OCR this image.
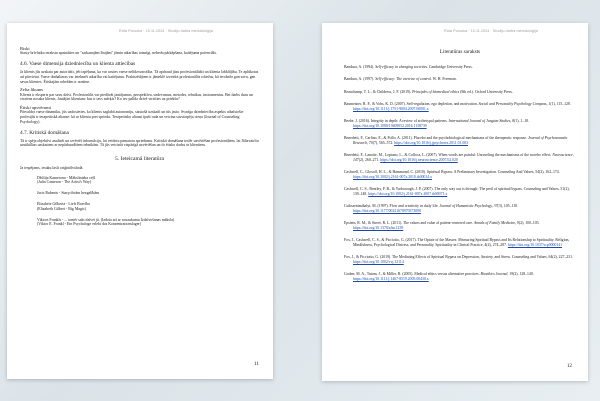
Rūta Poruoka · 15.11.2024 · Studiju darba metodoloģija

Riski

Stasty brīvlaiku ierakstu apzināties un "sarkanajām līnijām" jāmin atkarības taisnīgi, nebedu pārkāpšana, kaitējuma potenciāls.

4.6. Vaese dimensija dziedniecība un klienta attiecības

Ja klients jūs uzskata par autoritāti, jeb izpēļama, ka var rasties vaese nelīdzsvarotība. Tā apdraud jūsu profesionālitāti un klienta labklājību. Te aplūkotas arī pārvietai. Vaese dinhaliaras var ietekmēt atkarību vai kaitējumu. Praktizētājiem ir jāmeklē izveidot profesionālās robežas, kā ierobežo gan savu, gan savas klientes. Ētiskajām robežām ir nozīme.

Zelta likums

Klients ir eksperts par savu dzīvi. Profesionālis var piedāvāt jautājumus, perspektīvu, uzdevumus, metodes, tehnikas, instrumentus. Bet darbs duru un virziens nosaka klients. Jautājiet klientam: kas ir tavs mērķis? Ko tev palīdz dzīvē virzīties uz priekšu?

Ētiski apsvērumi

Pārvaldot vaese dinamiku, jūs uzdosieties, ka klients saglabā autonomiju, saistošā uzskatīt un tūs jasto. Svarīga dziedniecība aspekts atbalstošie profesijās ir terapeitiskā alianse: kā ar klientu pret spriedu. Terapeitisko aliansi īpaši rada un veicina savstarpēja cieņa (Journal of Counseling Psychology).

4.7. Kritiskā domāšana

Tā ir spēja objektīvi analizēt un izvērtēt informāciju, lai veidotu pamatotu spriedumu. Kritiskā domāšana ieslēr uzvērtēšan profesionāļiem, lai Jālizvairītu uzstiktības uzskatiem ar nepārbaudītiem tehnikām. Tā jūs veicināt vispārīgā uzvērtēšan un tīr ētisko darbu ar klientiem.

5. Ieteicamā literatūra

Ja iespējams, iesaku lasīt oriģinālvalodā.

Džūlija Kamerona - Mākslinieka ceļš
(Julia Cameron - The Artist's Way)
Juris Rubenis - Starp divām bezgalībām
Elizabete Gilberta - Liels Burvība
(Elizabeth Gilbert - Big Magic)
Viktors Frankls - ... tomēr sakt dzīvei jā. (Izdota arī ar nosaukumu Izdzīvošanas māksla)
(Viktor E. Frankl - Ein Psychologe erlebt das Konzentrationslager)
11
Rūta Poruoka · 15.11.2024 · Studiju darba metodoloģija
Literatūras saraksts

Bandura, A. (1994). Self-efficacy in changing societies. Cambridge University Press.

Bandura, A. (1997). Self-efficacy: The exercise of control. W. H. Freeman.

Beauchamp, T. L., & Childress, J. F. (2019). Principles of biomedical ethics (8th ed.). Oxford University Press.

Baumeister, R. F., & Vohs, K. D. (2007). Self-regulation, ego depletion, and motivation. Social and Personality Psychology Compass, 1(1), 115–128. https://doi.org/10.1111/j.1751-9004.2007.00001.x

Beebe, J. (2016). Integrity in depth: A review of archetypal patterns. International Journal of Jungian Studies, 8(1), 1–18. https://doi.org/10.1080/19409052.2016.1138739

Benedetti, F., Carlino, E., & Pollo, A. (2011). Placebo and the psychobiological mechanisms of the therapeutic response. Journal of Psychosomatic Research, 70(7), 565–572. https://doi.org/10.1016/j.jpsychores.2011.01.003

Benedetti, F., Lanotte, M., Lopiano, L., & Colloca, L. (2007). When words are painful: Unraveling the mechanisms of the nocebo effect. Neuroscience, 147(2), 260–271. https://doi.org/10.1016/j.neuroscience.2007.02.020

Cashwell, C., Glosoff, H. L., & Hammond, C. (2010). Spiritual Bypass: A Preliminary Investigation. Counseling And Values, 54(2), 162–174. https://doi.org/10.1002/j.2161-007x.2010.tb00014.x

Cashwell, C. S., Bentley, P. B., & Yarborough, J. P. (2007). The only way out is through: The peril of spiritual bypass. Counseling and Values, 51(2), 139–148. https://doi.org/10.1002/j.2161-007x.2007.tb00071.x

Csikszentmihalyi, M. (1997). Flow and creativity in daily life. Journal of Humanistic Psychology, 37(3), 105–118. https://doi.org/10.1177/00221678970373008

Epstein, R. M., & Street, R. L. (2011). The values and value of patient-centered care. Annals of Family Medicine, 9(2), 100–103. https://doi.org/10.1370/afm.1239

Fox, J., Cashwell, C. S., & Picciotto, G. (2017). The Opiate of the Masses: Measuring Spiritual Bypass and Its Relationship to Spirituality, Religion, Mindfulness, Psychological Distress, and Personality. Spirituality in Clinical Practice, 4(4), 274–287. https://doi.org/10.1037/scp0000141

Fox, J., & Picciotto, G. (2019). The Mediating Effects of Spiritual Bypass on Depression, Anxiety, and Stress. Counseling and Values, 64(2), 227–231. https://doi.org/10.1002/cvj.12114

Graber, M. A., Tatum, J., & Miller, R. (2005). Medical ethics versus alternative practices. Bioethics Journal, 19(2), 128–140. https://doi.org/10.1111/j.1467-8519.2005.00430.x

12
